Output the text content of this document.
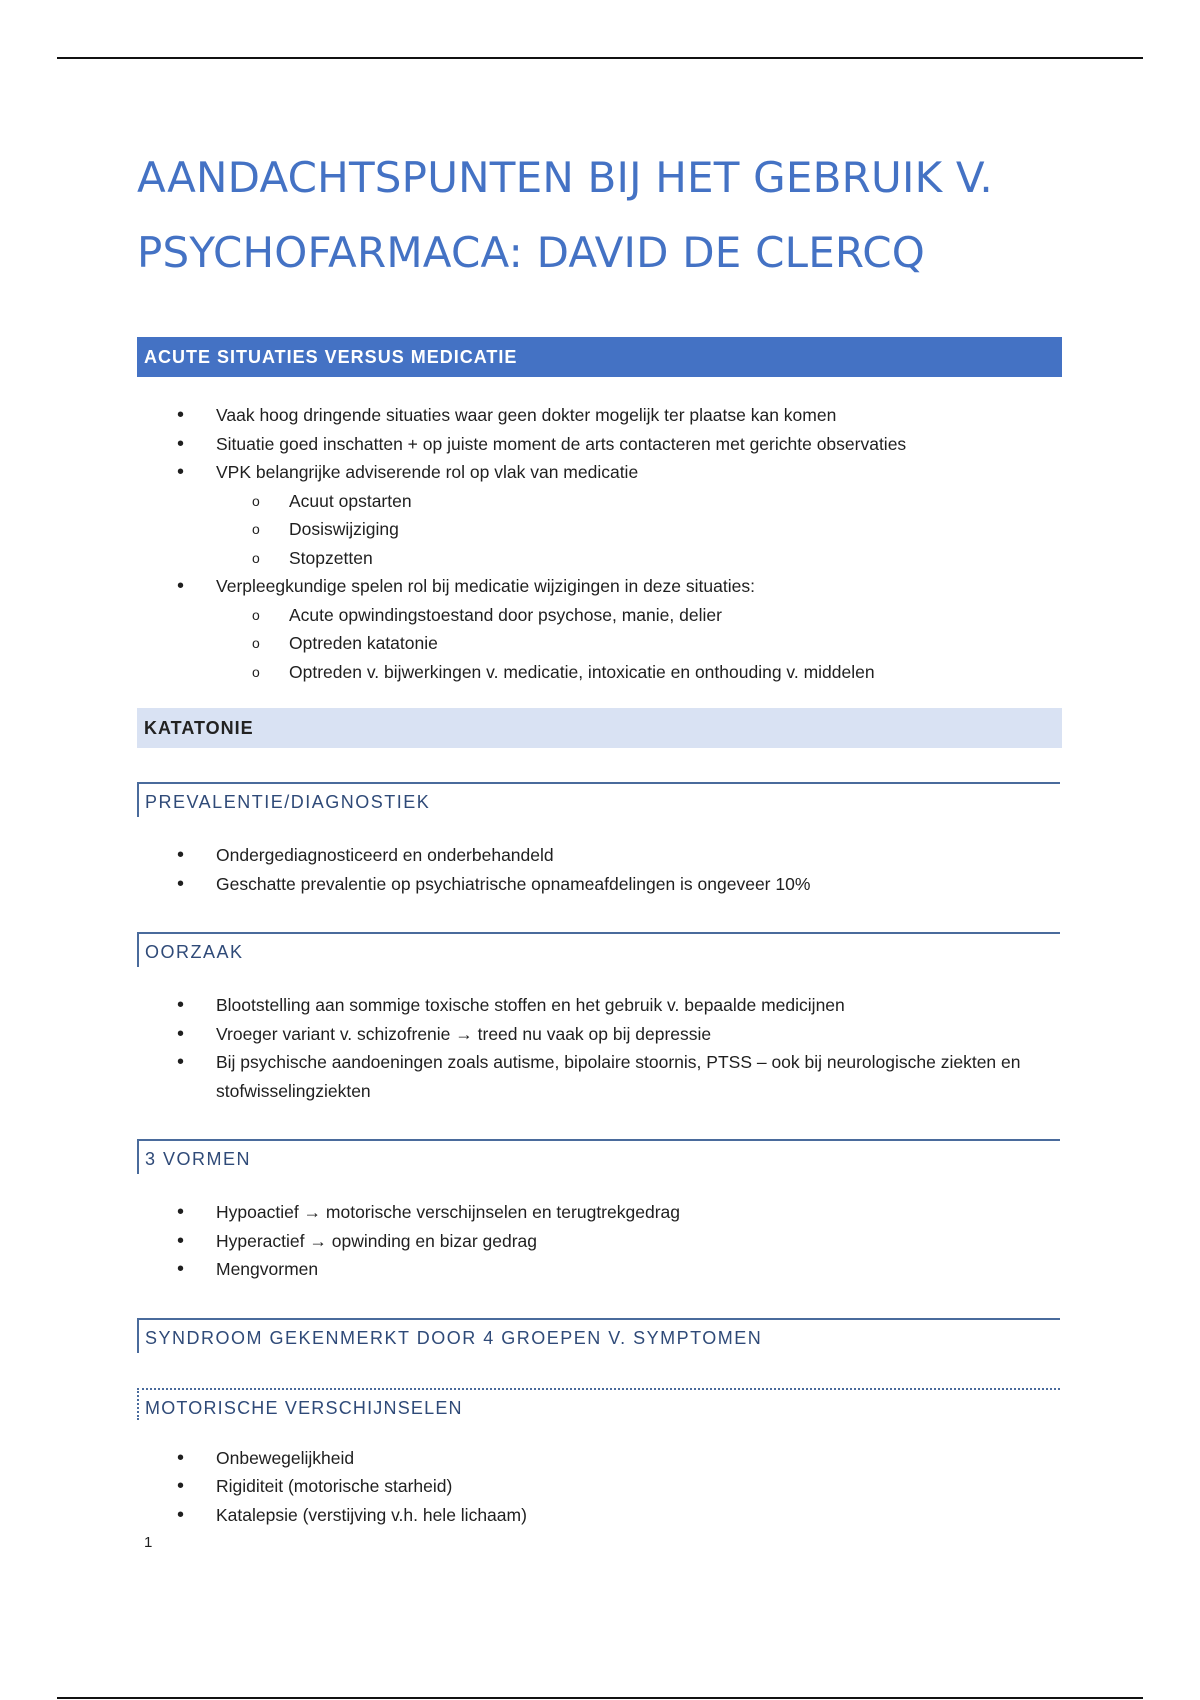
AANDACHTSPUNTEN BIJ HET GEBRUIK V.
PSYCHOFARMACA: DAVID DE CLERCQ
ACUTE SITUATIES VERSUS MEDICATIE
• Vaak hoog dringende situaties waar geen dokter mogelijk ter plaatse kan komen
• Situatie goed inschatten + op juiste moment de arts contacteren met gerichte observaties
• VPK belangrijke adviserende rol op vlak van medicatie
o Acuut opstarten
o Dosiswijziging
o Stopzetten
• Verpleegkundige spelen rol bij medicatie wijzigingen in deze situaties:
o Acute opwindingstoestand door psychose, manie, delier
o Optreden katatonie
o Optreden v. bijwerkingen v. medicatie, intoxicatie en onthouding v. middelen
KATATONIE
PREVALENTIE/DIAGNOSTIEK
• Ondergediagnosticeerd en onderbehandeld
• Geschatte prevalentie op psychiatrische opnameafdelingen is ongeveer 10%
OORZAAK
• Blootstelling aan sommige toxische stoffen en het gebruik v. bepaalde medicijnen
• Vroeger variant v. schizofrenie → treed nu vaak op bij depressie
• Bij psychische aandoeningen zoals autisme, bipolaire stoornis, PTSS – ook bij neurologische ziekten en stofwisselingziekten
3 VORMEN
• Hypoactief → motorische verschijnselen en terugtrekgedrag
• Hyperactief → opwinding en bizar gedrag
• Mengvormen
SYNDROOM GEKENMERKT DOOR 4 GROEPEN V. SYMPTOMEN
MOTORISCHE VERSCHIJNSELEN
• Onbewegelijkheid
• Rigiditeit (motorische starheid)
• Katalepsie (verstijving v.h. hele lichaam)
1
